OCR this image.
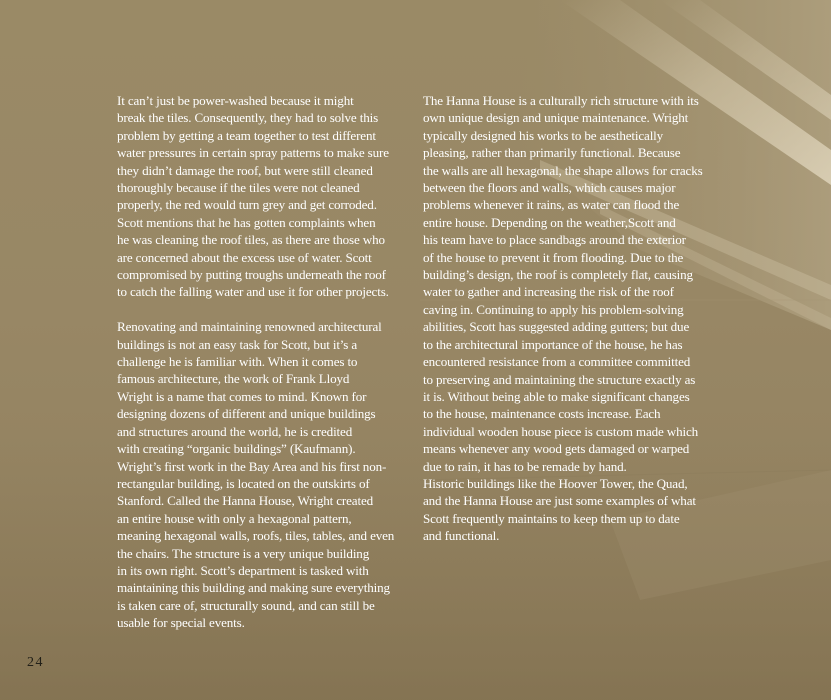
It can’t just be power-washed because it might
break the tiles. Consequently, they had to solve this
problem by getting a team together to test different
water pressures in certain spray patterns to make sure
they didn’t damage the roof, but were still cleaned
thoroughly because if the tiles were not cleaned
properly, the red would turn grey and get corroded.
Scott mentions that he has gotten complaints when
he was cleaning the roof tiles, as there are those who
are concerned about the excess use of water. Scott
compromised by putting troughs underneath the roof
to catch the falling water and use it for other projects.

Renovating and maintaining renowned architectural
buildings is not an easy task for Scott, but it’s a
challenge he is familiar with. When it comes to
famous architecture, the work of Frank Lloyd
Wright is a name that comes to mind. Known for
designing dozens of different and unique buildings
and structures around the world, he is credited
with creating “organic buildings” (Kaufmann).
Wright’s first work in the Bay Area and his first non-
rectangular building, is located on the outskirts of
Stanford. Called the Hanna House, Wright created
an entire house with only a hexagonal pattern,
meaning hexagonal walls, roofs, tiles, tables, and even
the chairs. The structure is a very unique building
in its own right. Scott’s department is tasked with
maintaining this building and making sure everything
is taken care of, structurally sound, and can still be
usable for special events.

The Hanna House is a culturally rich structure with its
own unique design and unique maintenance. Wright
typically designed his works to be aesthetically
pleasing, rather than primarily functional. Because
the walls are all hexagonal, the shape allows for cracks
between the floors and walls, which causes major
problems whenever it rains, as water can flood the
entire house. Depending on the weather,Scott and
his team have to place sandbags around the exterior
of the house to prevent it from flooding. Due to the
building’s design, the roof is completely flat, causing
water to gather and increasing the risk of the roof
caving in. Continuing to apply his problem-solving
abilities, Scott has suggested adding gutters; but due
to the architectural importance of the house, he has
encountered resistance from a committee committed
to preserving and maintaining the structure exactly as
it is. Without being able to make significant changes
to the house, maintenance costs increase. Each
individual wooden house piece is custom made which
means whenever any wood gets damaged or warped
due to rain, it has to be remade by hand.

Historic buildings like the Hoover Tower, the Quad,
and the Hanna House are just some examples of what
Scott frequently maintains to keep them up to date
and functional.

24
